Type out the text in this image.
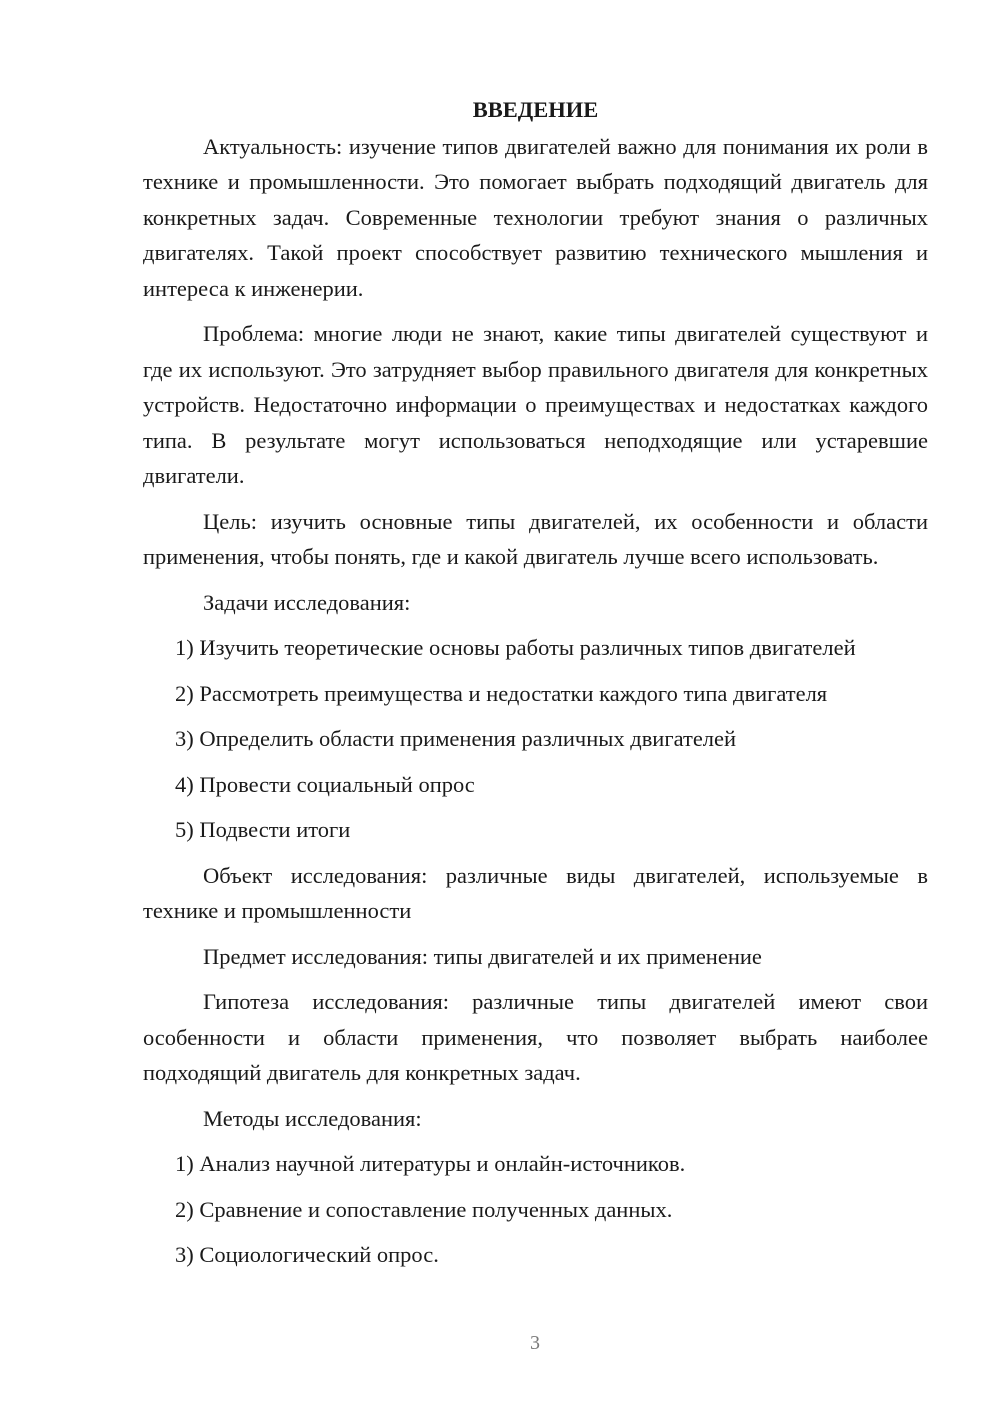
ВВЕДЕНИЕ

Актуальность: изучение типов двигателей важно для понимания их роли в технике и промышленности. Это помогает выбрать подходящий двигатель для конкретных задач. Современные технологии требуют знания о различных двигателях. Такой проект способствует развитию технического мышления и интереса к инженерии.

Проблема: многие люди не знают, какие типы двигателей существуют и где их используют. Это затрудняет выбор правильного двигателя для конкретных устройств. Недостаточно информации о преимуществах и недостатках каждого типа. В результате могут использоваться неподходящие или устаревшие двигатели.

Цель: изучить основные типы двигателей, их особенности и области применения, чтобы понять, где и какой двигатель лучше всего использовать.

Задачи исследования:

1) Изучить теоретические основы работы различных типов двигателей

2) Рассмотреть преимущества и недостатки каждого типа двигателя

3) Определить области применения различных двигателей

4) Провести социальный опрос

5) Подвести итоги

Объект исследования: различные виды двигателей, используемые в технике и промышленности

Предмет исследования: типы двигателей и их применение

Гипотеза исследования: различные типы двигателей имеют свои особенности и области применения, что позволяет выбрать наиболее подходящий двигатель для конкретных задач.

Методы исследования:

1) Анализ научной литературы и онлайн-источников.

2) Сравнение и сопоставление полученных данных.

3) Социологический опрос.

3
